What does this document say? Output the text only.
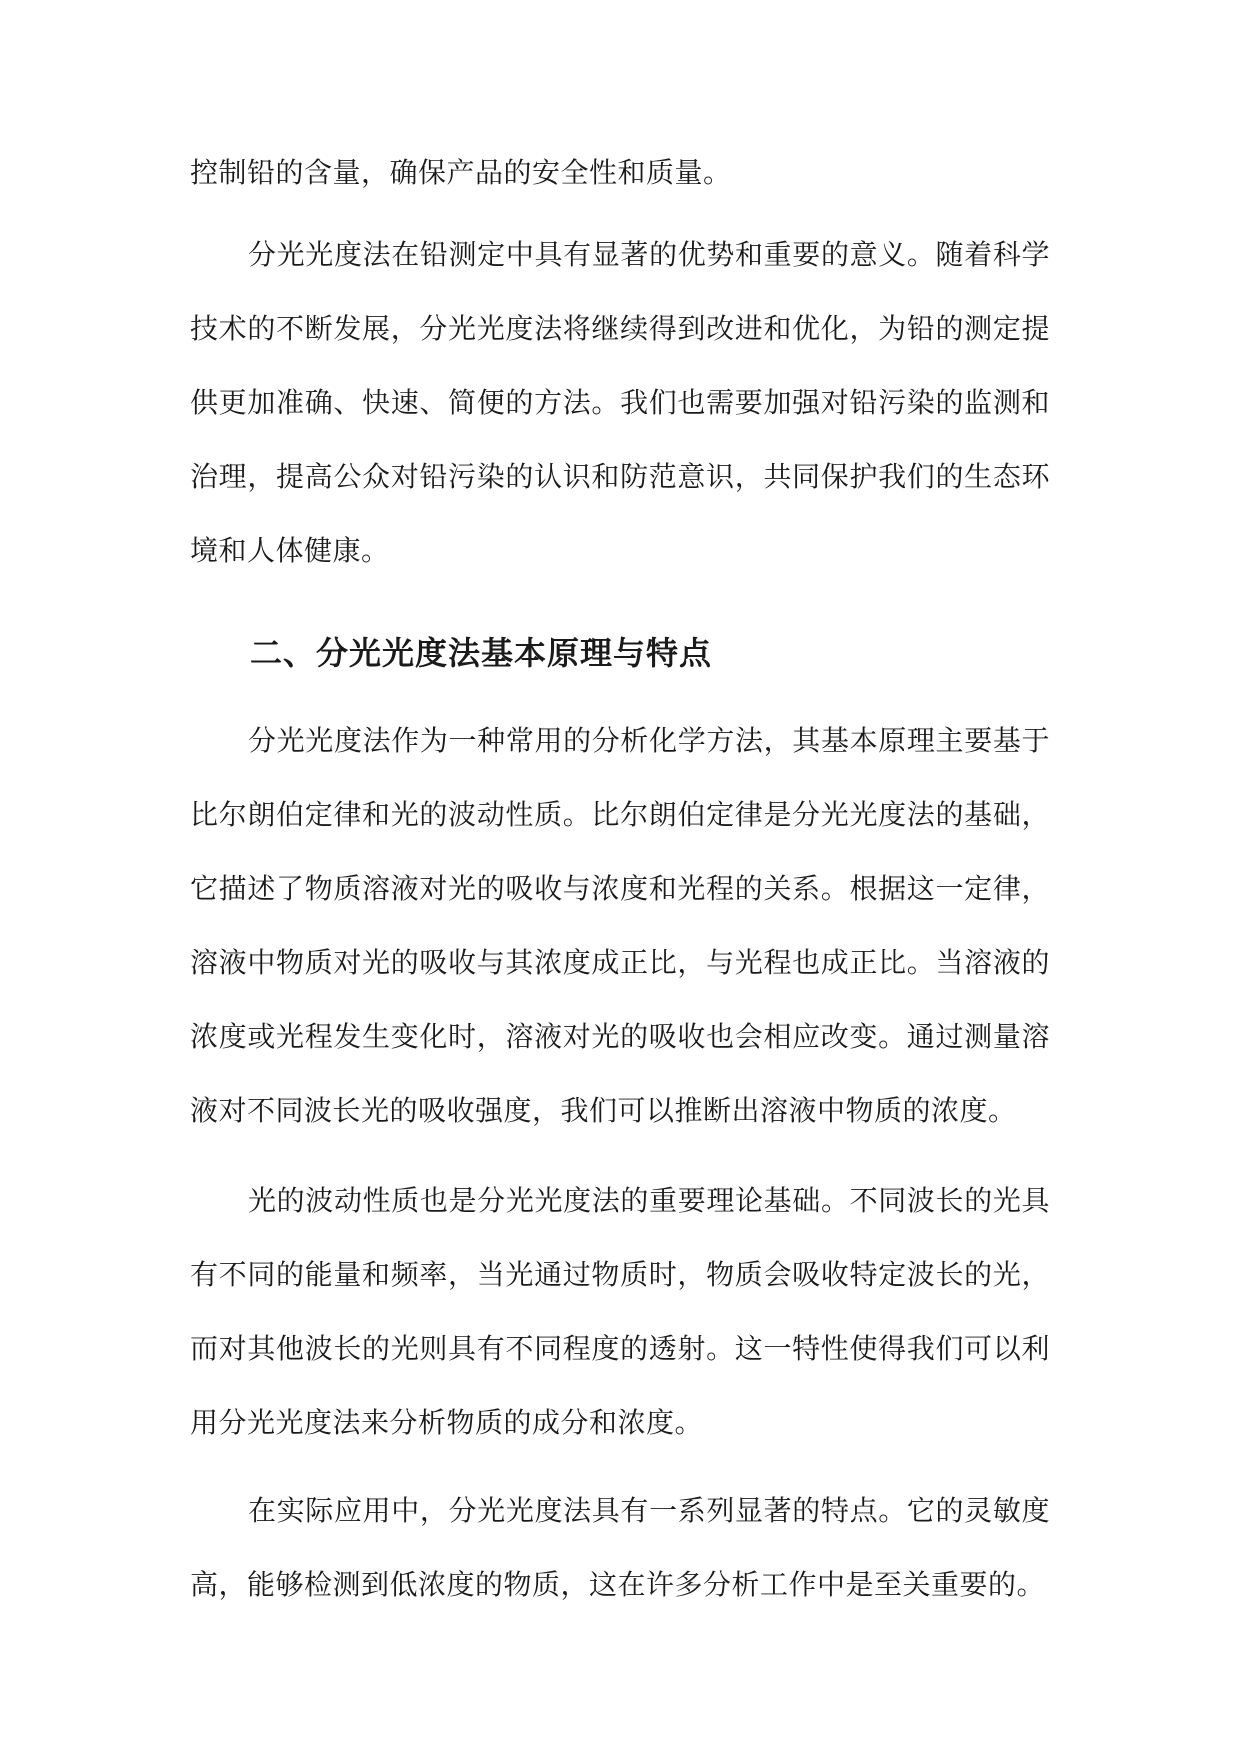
控制铅的含量，确保产品的安全性和质量。

分光光度法在铅测定中具有显著的优势和重要的意义。随着科学技术的不断发展，分光光度法将继续得到改进和优化，为铅的测定提供更加准确、快速、简便的方法。我们也需要加强对铅污染的监测和治理，提高公众对铅污染的认识和防范意识，共同保护我们的生态环境和人体健康。

二、分光光度法基本原理与特点

分光光度法作为一种常用的分析化学方法，其基本原理主要基于比尔朗伯定律和光的波动性质。比尔朗伯定律是分光光度法的基础，它描述了物质溶液对光的吸收与浓度和光程的关系。根据这一定律，溶液中物质对光的吸收与其浓度成正比，与光程也成正比。当溶液的浓度或光程发生变化时，溶液对光的吸收也会相应改变。通过测量溶液对不同波长光的吸收强度，我们可以推断出溶液中物质的浓度。

光的波动性质也是分光光度法的重要理论基础。不同波长的光具有不同的能量和频率，当光通过物质时，物质会吸收特定波长的光，而对其他波长的光则具有不同程度的透射。这一特性使得我们可以利用分光光度法来分析物质的成分和浓度。

在实际应用中，分光光度法具有一系列显著的特点。它的灵敏度高，能够检测到低浓度的物质，这在许多分析工作中是至关重要的。
